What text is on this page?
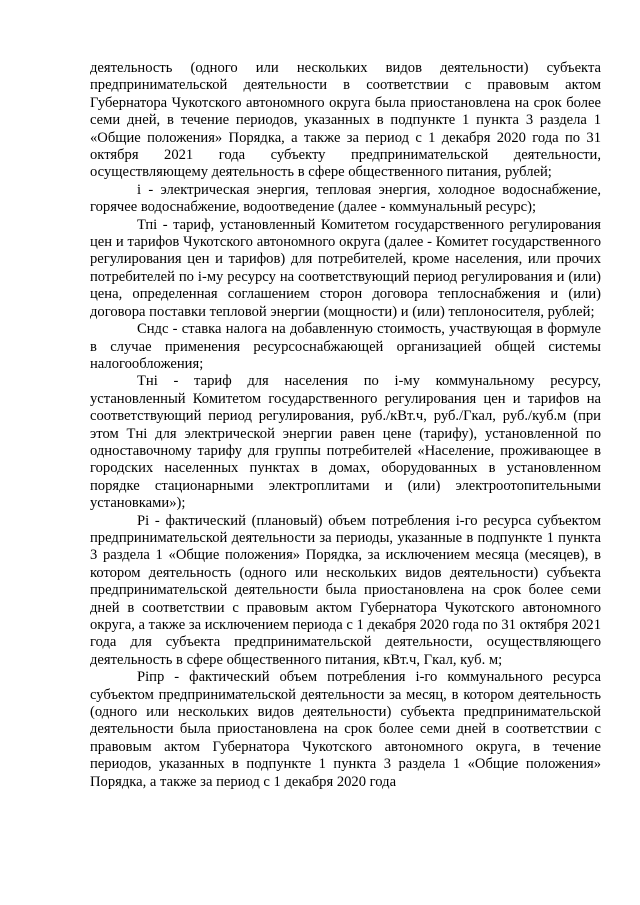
деятельность (одного или нескольких видов деятельности) субъекта предпринимательской деятельности в соответствии с правовым актом Губернатора Чукотского автономного округа была приостановлена на срок более семи дней, в течение периодов, указанных в подпункте 1 пункта 3 раздела 1 «Общие положения» Порядка, а также за период с 1 декабря 2020 года по 31 октября 2021 года субъекту предпринимательской деятельности, осуществляющему деятельность в сфере общественного питания, рублей;

i - электрическая энергия, тепловая энергия, холодное водоснабжение, горячее водоснабжение, водоотведение (далее - коммунальный ресурс);

Тпі - тариф, установленный Комитетом государственного регулирования цен и тарифов Чукотского автономного округа (далее - Комитет государственного регулирования цен и тарифов) для потребителей, кроме населения, или прочих потребителей по і-му ресурсу на соответствующий период регулирования и (или) цена, определенная соглашением сторон договора теплоснабжения и (или) договора поставки тепловой энергии (мощности) и (или) теплоносителя, рублей;

Сндс - ставка налога на добавленную стоимость, участвующая в формуле в случае применения ресурсоснабжающей организацией общей системы налогообложения;

Тні - тариф для населения по і-му коммунальному ресурсу, установленный Комитетом государственного регулирования цен и тарифов на соответствующий период регулирования, руб./кВт.ч, руб./Гкал, руб./куб.м (при этом Тні для электрической энергии равен цене (тарифу), установленной по одноставочному тарифу для группы потребителей «Население, проживающее в городских населенных пунктах в домах, оборудованных в установленном порядке стационарными электроплитами и (или) электроотопительными установками»);

Рі - фактический (плановый) объем потребления і-го ресурса субъектом предпринимательской деятельности за периоды, указанные в подпункте 1 пункта 3 раздела 1 «Общие положения» Порядка, за исключением месяца (месяцев), в котором деятельность (одного или нескольких видов деятельности) субъекта предпринимательской деятельности была приостановлена на срок более семи дней в соответствии с правовым актом Губернатора Чукотского автономного округа, а также за исключением периода с 1 декабря 2020 года по 31 октября 2021 года для субъекта предпринимательской деятельности, осуществляющего деятельность в сфере общественного питания, кВт.ч, Гкал, куб. м;

Рiпр - фактический объем потребления і-го коммунального ресурса субъектом предпринимательской деятельности за месяц, в котором деятельность (одного или нескольких видов деятельности) субъекта предпринимательской деятельности была приостановлена на срок более семи дней в соответствии с правовым актом Губернатора Чукотского автономного округа, в течение периодов, указанных в подпункте 1 пункта 3 раздела 1 «Общие положения» Порядка, а также за период с 1 декабря 2020 года
